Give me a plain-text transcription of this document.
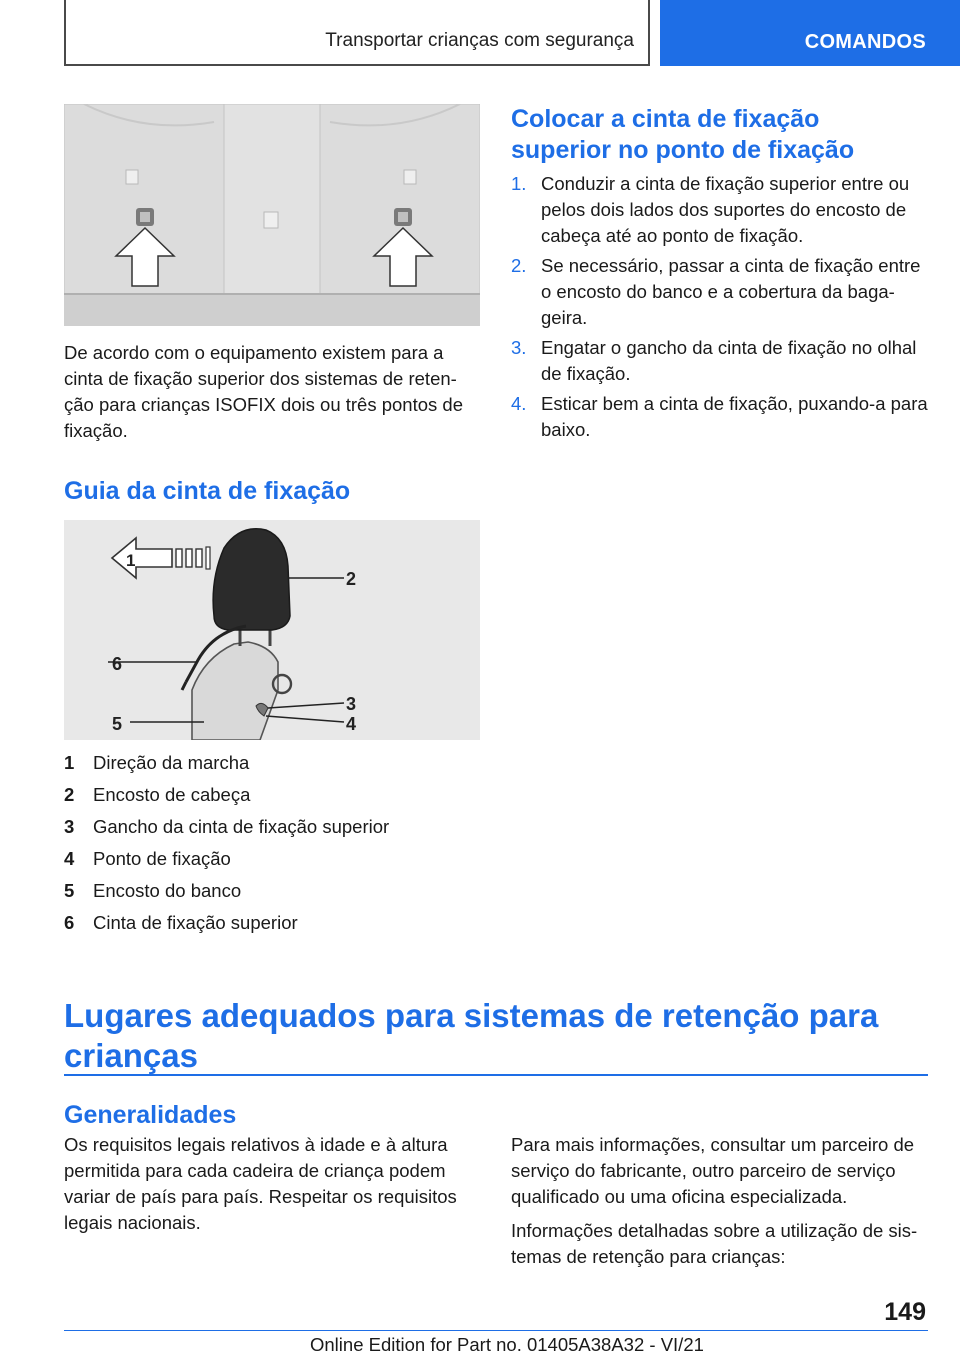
Transportar crianças com segurança	COMANDOS

De acordo com o equipamento existem para a cinta de fixação superior dos sistemas de retenção para crianças ISOFIX dois ou três pontos de fixação.

Guia da cinta de fixação
1
2
3
4
5
6
1	Direção da marcha
2	Encosto de cabeça
3	Gancho da cinta de fixação superior
4	Ponto de fixação
5	Encosto do banco
6	Cinta de fixação superior
Colocar a cinta de fixação superior no ponto de fixação
1. Conduzir a cinta de fixação superior entre ou pelos dois lados dos suportes do encosto de cabeça até ao ponto de fixação.
2. Se necessário, passar a cinta de fixação entre o encosto do banco e a cobertura da bagageira.
3. Engatar o gancho da cinta de fixação no olhal de fixação.
4. Esticar bem a cinta de fixação, puxando-a para baixo.
Lugares adequados para sistemas de retenção para crianças
Generalidades

Os requisitos legais relativos à idade e à altura permitida para cada cadeira de criança podem variar de país para país. Respeitar os requisitos legais nacionais.

Para mais informações, consultar um parceiro de serviço do fabricante, outro parceiro de serviço qualificado ou uma oficina especializada.

Informações detalhadas sobre a utilização de sistemas de retenção para crianças:

149
Online Edition for Part no. 01405A38A32 - VI/21
